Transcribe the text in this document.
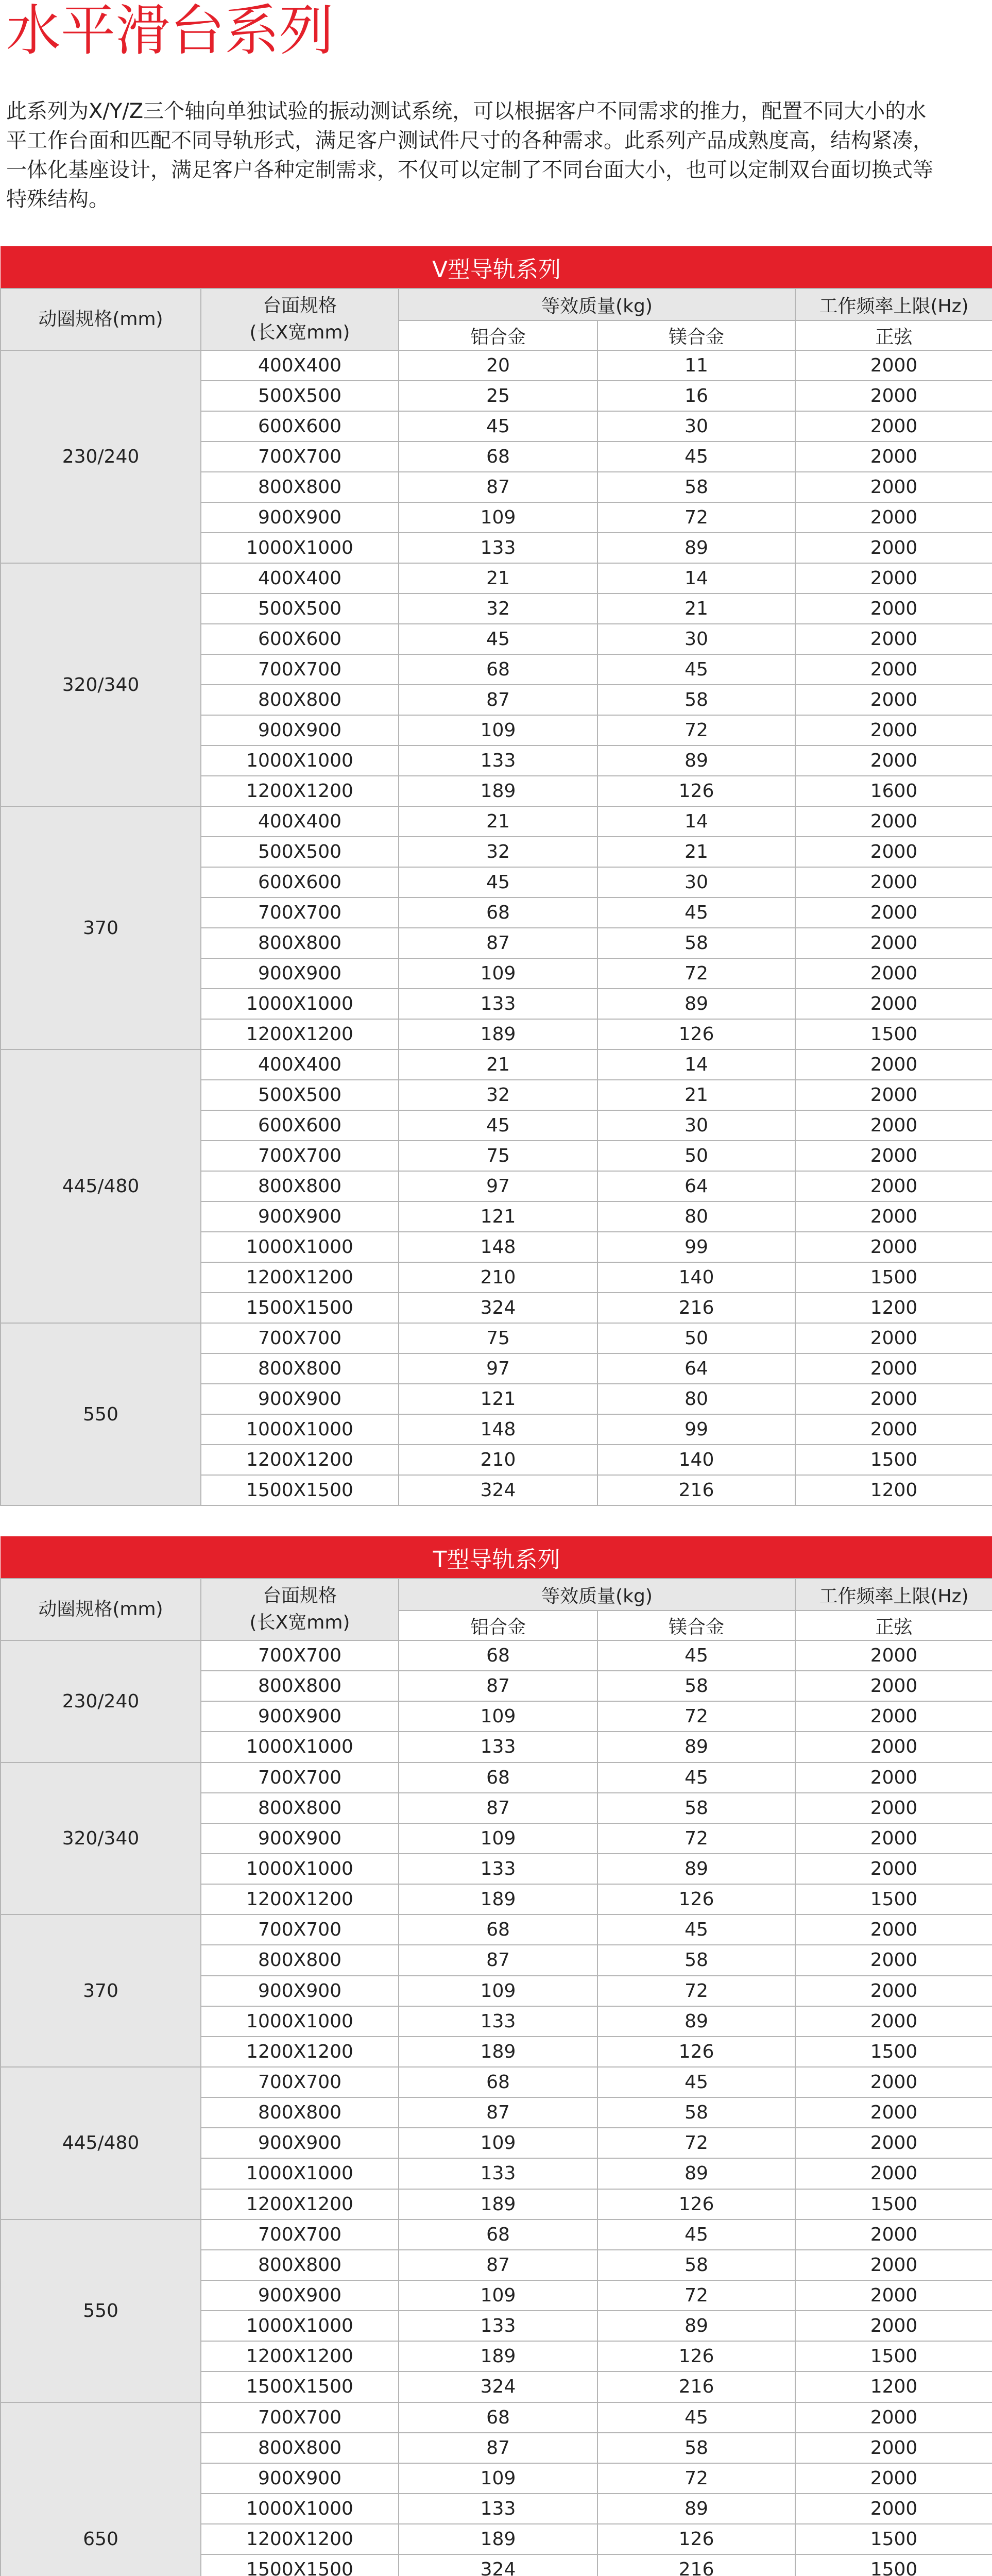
水平滑台系列
此系列为X/Y/Z三个轴向单独试验的振动测试系统，可以根据客户不同需求的推力，配置不同大小的水
平工作台面和匹配不同导轨形式，满足客户测试件尺寸的各种需求。此系列产品成熟度高，结构紧凑，
一体化基座设计，满足客户各种定制需求，不仅可以定制了不同台面大小，也可以定制双台面切换式等
特殊结构。
V型导轨系列				
动圈规格(mm)	台面规格
(长X宽mm)	等效质量(kg)		工作频率上限(Hz)
		铝合金	镁合金	正弦
230/240	400X400	20	11	2000
	500X500	25	16	2000
	600X600	45	30	2000
	700X700	68	45	2000
	800X800	87	58	2000
	900X900	109	72	2000
	1000X1000	133	89	2000
320/340	400X400	21	14	2000
	500X500	32	21	2000
	600X600	45	30	2000
	700X700	68	45	2000
	800X800	87	58	2000
	900X900	109	72	2000
	1000X1000	133	89	2000
	1200X1200	189	126	1600
370	400X400	21	14	2000
	500X500	32	21	2000
	600X600	45	30	2000
	700X700	68	45	2000
	800X800	87	58	2000
	900X900	109	72	2000
	1000X1000	133	89	2000
	1200X1200	189	126	1500
445/480	400X400	21	14	2000
	500X500	32	21	2000
	600X600	45	30	2000
	700X700	75	50	2000
	800X800	97	64	2000
	900X900	121	80	2000
	1000X1000	148	99	2000
	1200X1200	210	140	1500
	1500X1500	324	216	1200
550	700X700	75	50	2000
	800X800	97	64	2000
	900X900	121	80	2000
	1000X1000	148	99	2000
	1200X1200	210	140	1500
	1500X1500	324	216	1200
T型导轨系列				
动圈规格(mm)	台面规格
(长X宽mm)	等效质量(kg)		工作频率上限(Hz)
		铝合金	镁合金	正弦
230/240	700X700	68	45	2000
	800X800	87	58	2000
	900X900	109	72	2000
	1000X1000	133	89	2000
320/340	700X700	68	45	2000
	800X800	87	58	2000
	900X900	109	72	2000
	1000X1000	133	89	2000
	1200X1200	189	126	1500
370	700X700	68	45	2000
	800X800	87	58	2000
	900X900	109	72	2000
	1000X1000	133	89	2000
	1200X1200	189	126	1500
445/480	700X700	68	45	2000
	800X800	87	58	2000
	900X900	109	72	2000
	1000X1000	133	89	2000
	1200X1200	189	126	1500
550	700X700	68	45	2000
	800X800	87	58	2000
	900X900	109	72	2000
	1000X1000	133	89	2000
	1200X1200	189	126	1500
	1500X1500	324	216	1200
650	700X700	68	45	2000
	800X800	87	58	2000
	900X900	109	72	2000
	1000X1000	133	89	2000
	1200X1200	189	126	1500
	1500X1500	324	216	1500
